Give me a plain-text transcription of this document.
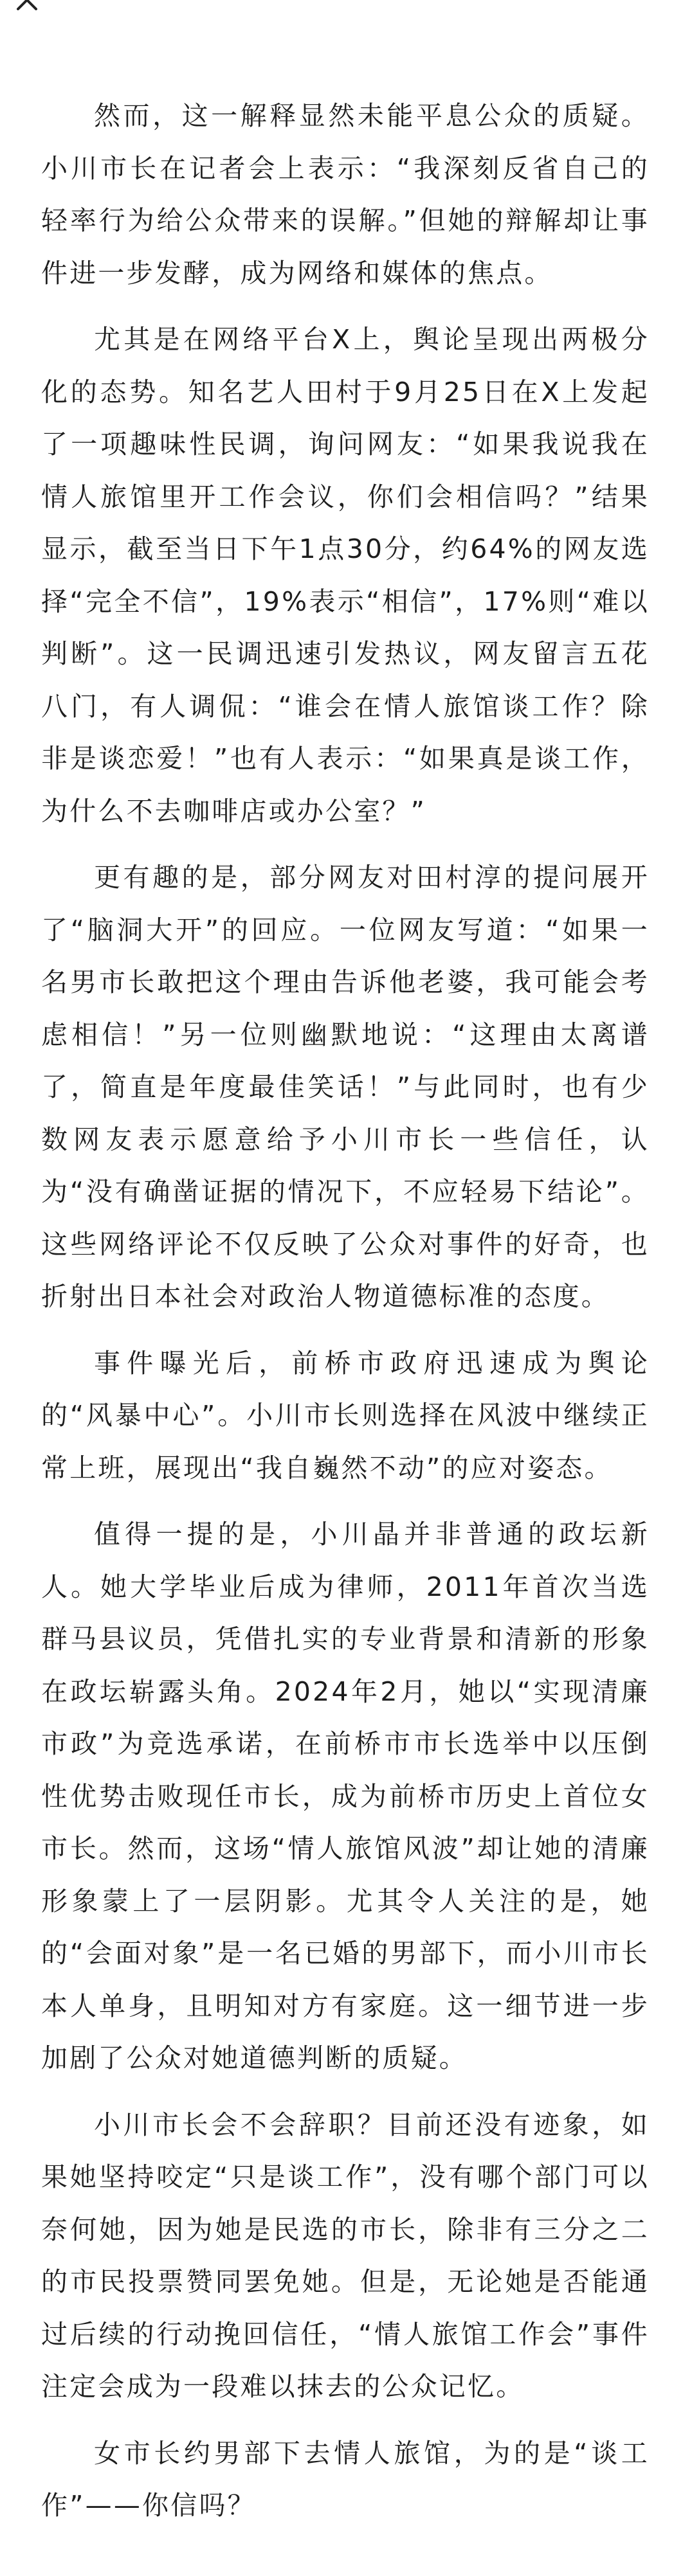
然而，这一解释显然未能平息公众的质疑。小川市长在记者会上表示：“我深刻反省自己的轻率行为给公众带来的误解。”但她的辩解却让事件进一步发酵，成为网络和媒体的焦点。

尤其是在网络平台X上，舆论呈现出两极分化的态势。知名艺人田村于9月25日在X上发起了一项趣味性民调，询问网友：“如果我说我在情人旅馆里开工作会议，你们会相信吗？”结果显示，截至当日下午1点30分，约64%的网友选择“完全不信”，19%表示“相信”，17%则“难以判断”。这一民调迅速引发热议，网友留言五花八门，有人调侃：“谁会在情人旅馆谈工作？除非是谈恋爱！”也有人表示：“如果真是谈工作，为什么不去咖啡店或办公室？”

更有趣的是，部分网友对田村淳的提问展开了“脑洞大开”的回应。一位网友写道：“如果一名男市长敢把这个理由告诉他老婆，我可能会考虑相信！”另一位则幽默地说：“这理由太离谱了，简直是年度最佳笑话！”与此同时，也有少数网友表示愿意给予小川市长一些信任，认为“没有确凿证据的情况下，不应轻易下结论”。这些网络评论不仅反映了公众对事件的好奇，也折射出日本社会对政治人物道德标准的态度。

事件曝光后，前桥市政府迅速成为舆论的“风暴中心”。小川市长则选择在风波中继续正常上班，展现出“我自巍然不动”的应对姿态。

值得一提的是，小川晶并非普通的政坛新人。她大学毕业后成为律师，2011年首次当选群马县议员，凭借扎实的专业背景和清新的形象在政坛崭露头角。2024年2月，她以“实现清廉市政”为竞选承诺，在前桥市市长选举中以压倒性优势击败现任市长，成为前桥市历史上首位女市长。然而，这场“情人旅馆风波”却让她的清廉形象蒙上了一层阴影。尤其令人关注的是，她的“会面对象”是一名已婚的男部下，而小川市长本人单身，且明知对方有家庭。这一细节进一步加剧了公众对她道德判断的质疑。

小川市长会不会辞职？目前还没有迹象，如果她坚持咬定“只是谈工作”，没有哪个部门可以奈何她，因为她是民选的市长，除非有三分之二的市民投票赞同罢免她。但是，无论她是否能通过后续的行动挽回信任，“情人旅馆工作会”事件注定会成为一段难以抹去的公众记忆。

女市长约男部下去情人旅馆，为的是“谈工作”——你信吗？
